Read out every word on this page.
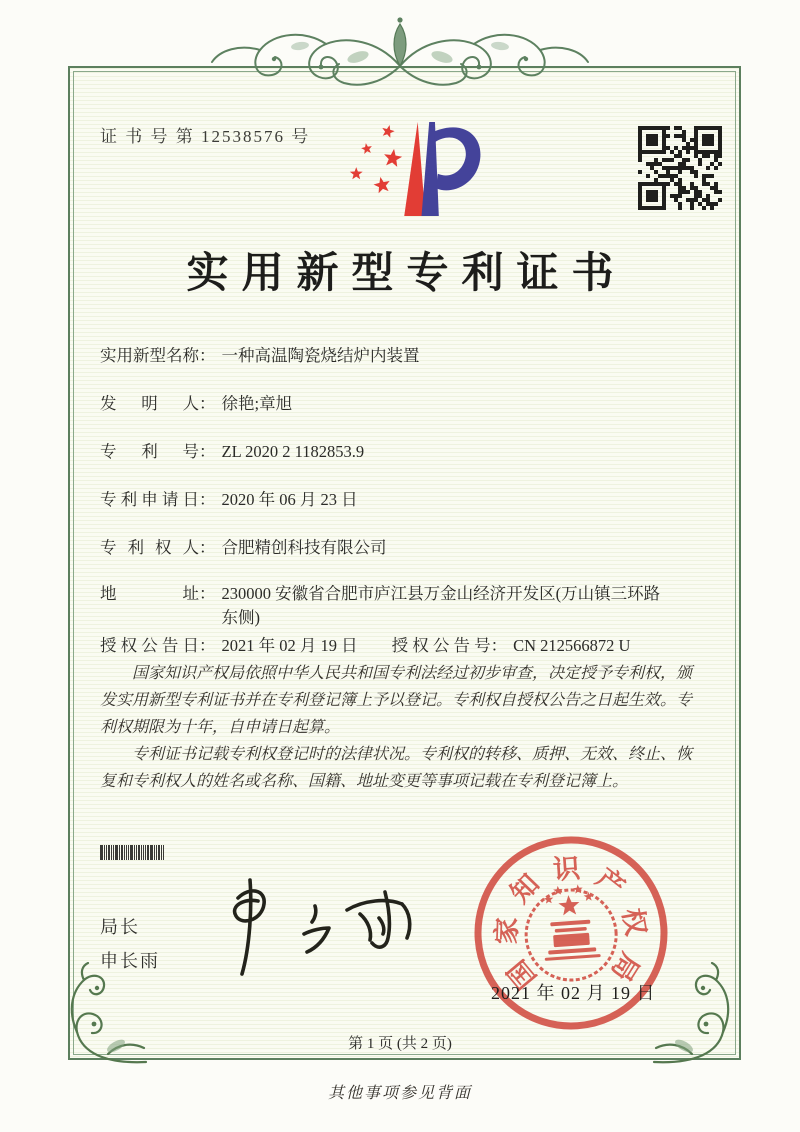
证 书 号 第 12538576 号
实用新型专利证书
实用新型名称 ： 一种高温陶瓷烧结炉内装置
发明人 ： 徐艳;章旭
专利号 ： ZL 2020 2 1182853.9
专利申请日 ： 2020 年 06 月 23 日
专利权人 ： 合肥精创科技有限公司
地址 ： 230000 安徽省合肥市庐江县万金山经济开发区(万山镇三环路东侧)
授权公告日 ： 2021 年 02 月 19 日 授权公告号 ： CN 212566872 U

国家知识产权局依照中华人民共和国专利法经过初步审查，决定授予专利权，颁发实用新型专利证书并在专利登记簿上予以登记。专利权自授权公告之日起生效。专利权期限为十年，自申请日起算。

专利证书记载专利权登记时的法律状况。专利权的转移、质押、无效、终止、恢复和专利权人的姓名或名称、国籍、地址变更等事项记载在专利登记簿上。

局长
申长雨	国
家
知 识 产
权
局
2021 年 02 月 19 日
第 1 页 (共 2 页)
其他事项参见背面
